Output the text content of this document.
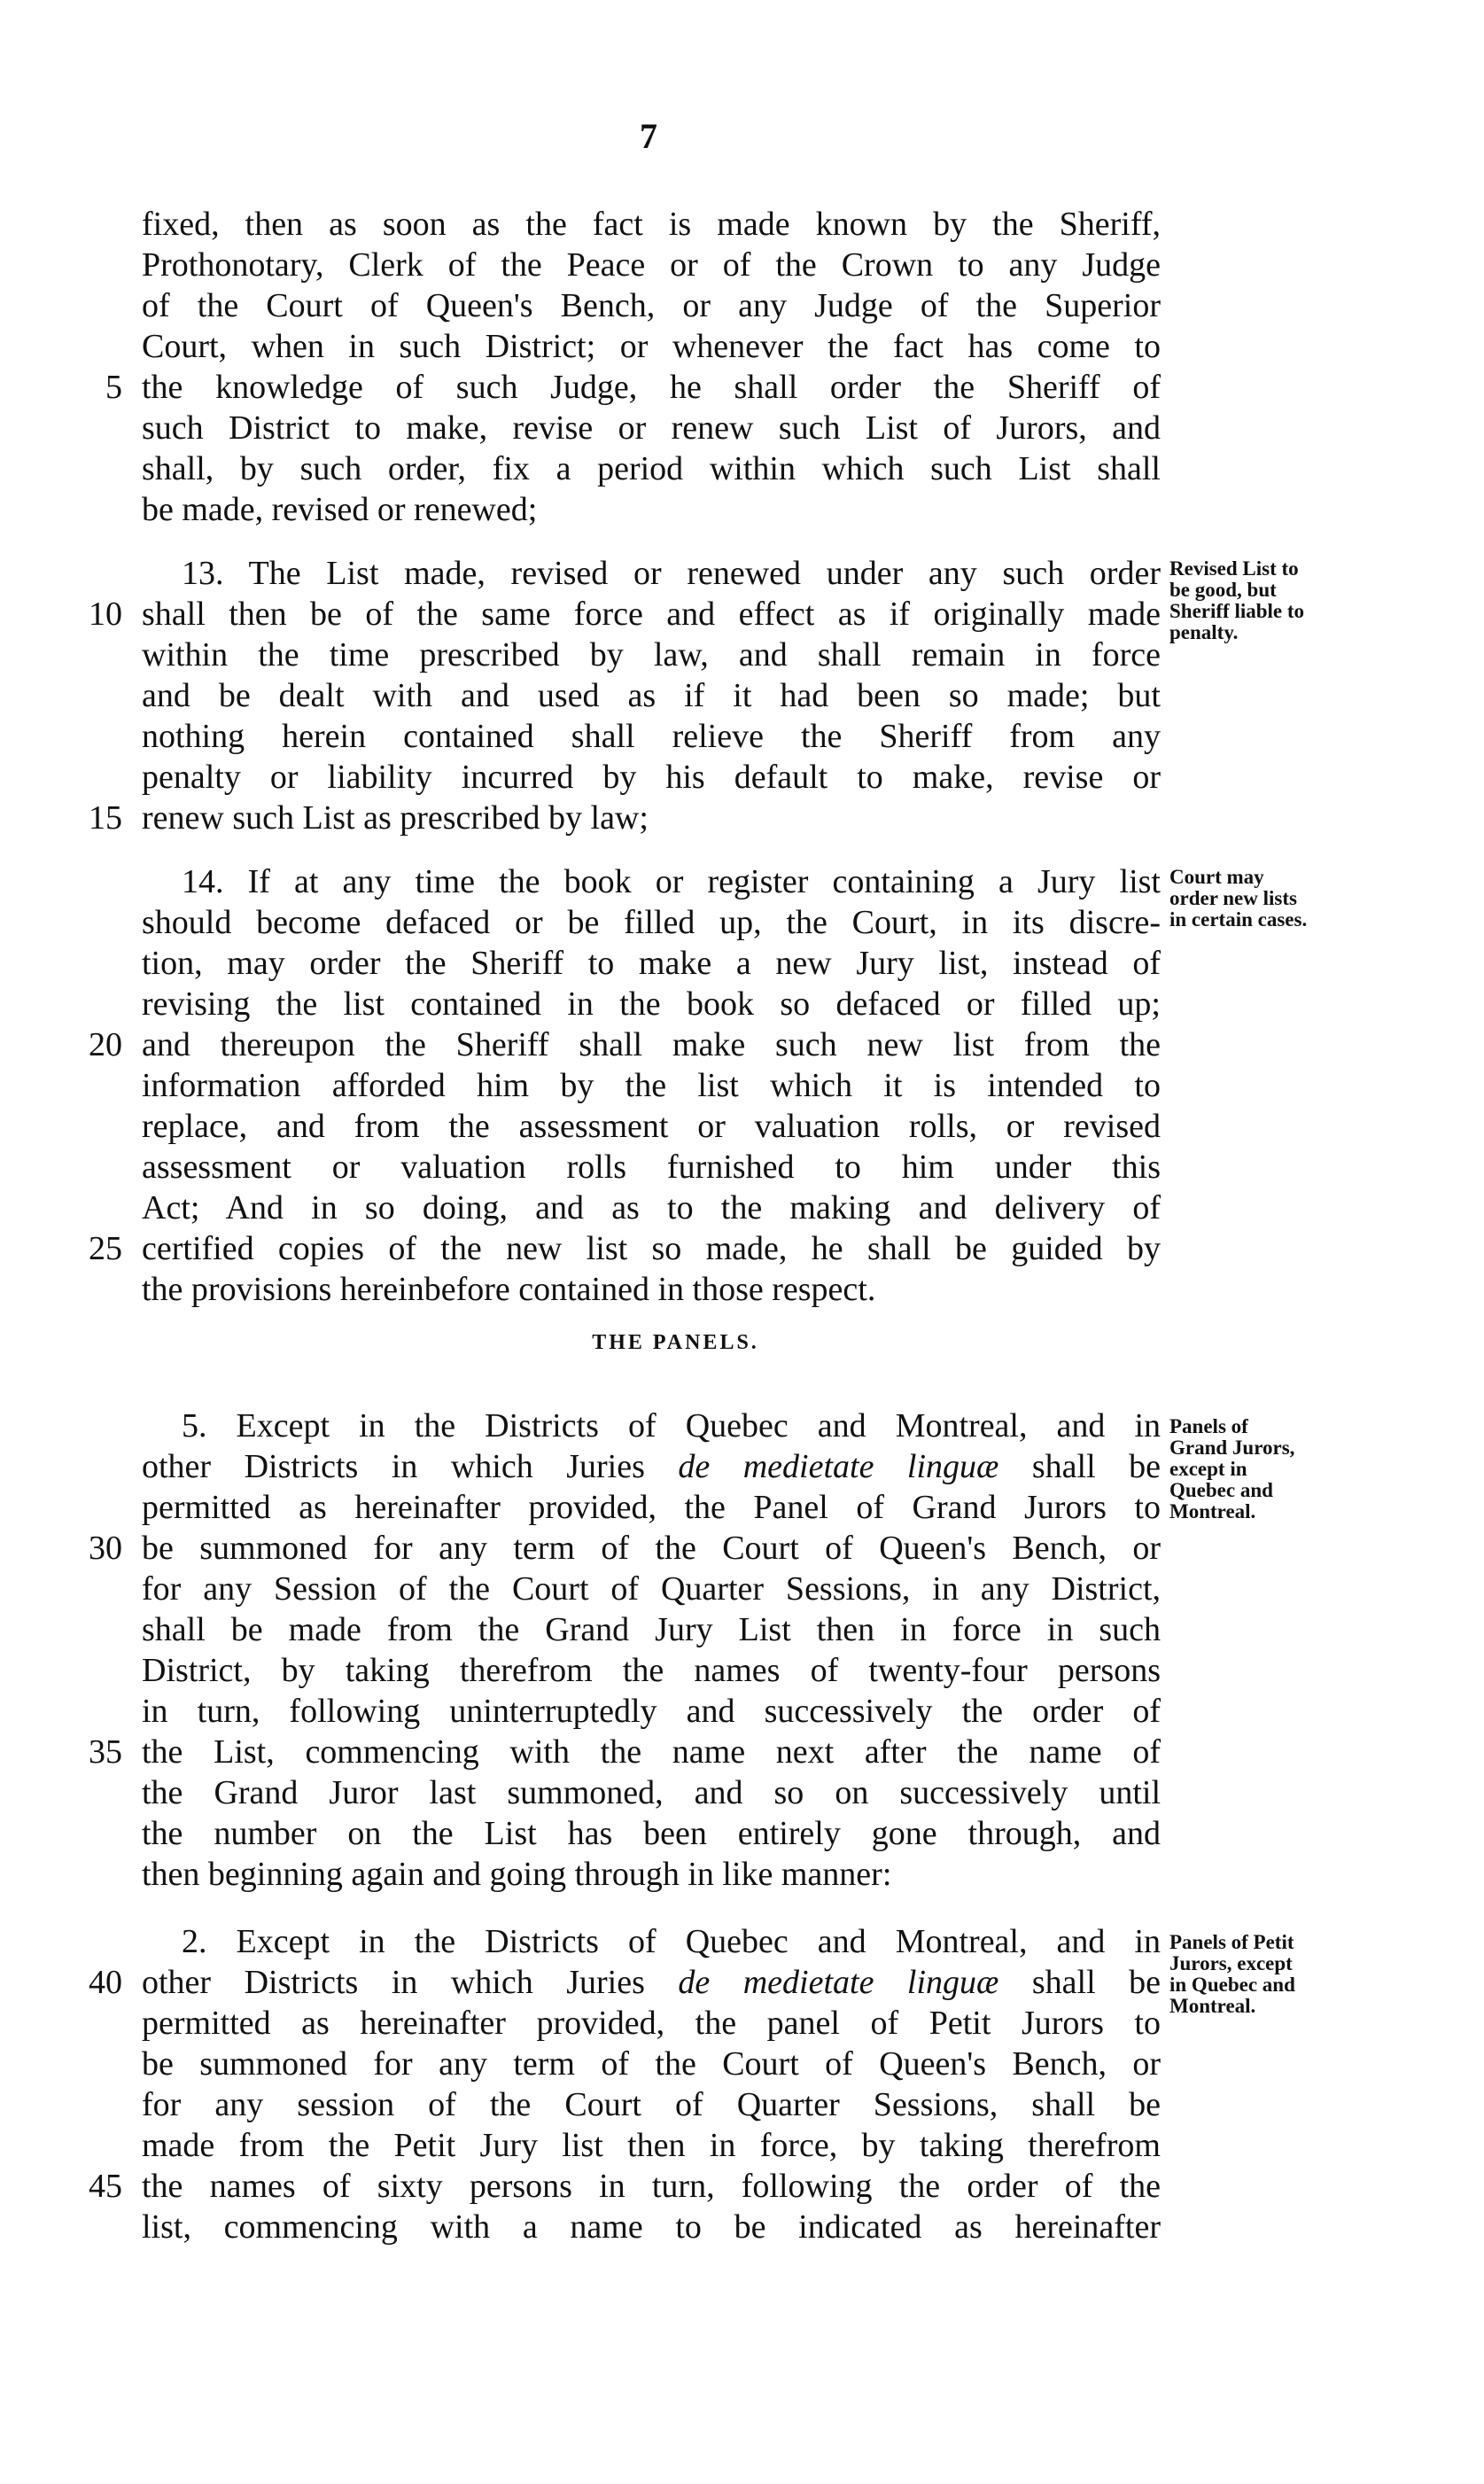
7
fixed, then as soon as the fact is made known by the Sheriff,
Prothonotary, Clerk of the Peace or of the Crown to any Judge
of the Court of Queen's Bench, or any Judge of the Superior
Court, when in such District; or whenever the fact has come to
the knowledge of such Judge, he shall order the Sheriff of
such District to make, revise or renew such List of Jurors, and
shall, by such order, fix a period within which such List shall
be made, revised or renewed;
13. The List made, revised or renewed under any such order
shall then be of the same force and effect as if originally made
within the time prescribed by law, and shall remain in force
and be dealt with and used as if it had been so made; but
nothing herein contained shall relieve the Sheriff from any
penalty or liability incurred by his default to make, revise or
renew such List as prescribed by law;
Revised List to
be good, but
Sheriff liable to
penalty.
14. If at any time the book or register containing a Jury list
should become defaced or be filled up, the Court, in its discre-
tion, may order the Sheriff to make a new Jury list, instead of
revising the list contained in the book so defaced or filled up;
and thereupon the Sheriff shall make such new list from the
information afforded him by the list which it is intended to
replace, and from the assessment or valuation rolls, or revised
assessment or valuation rolls furnished to him under this
Act; And in so doing, and as to the making and delivery of
certified copies of the new list so made, he shall be guided by
the provisions hereinbefore contained in those respect.
Court may
order new lists
in certain cases.
THE PANELS.
5. Except in the Districts of Quebec and Montreal, and in
other Districts in which Juries de medietate linguæ shall be
permitted as hereinafter provided, the Panel of Grand Jurors to
be summoned for any term of the Court of Queen's Bench, or
for any Session of the Court of Quarter Sessions, in any District,
shall be made from the Grand Jury List then in force in such
District, by taking therefrom the names of twenty-four persons
in turn, following uninterruptedly and successively the order of
the List, commencing with the name next after the name of
the Grand Juror last summoned, and so on successively until
the number on the List has been entirely gone through, and
then beginning again and going through in like manner:
Panels of
Grand Jurors,
except in
Quebec and
Montreal.
2. Except in the Districts of Quebec and Montreal, and in
other Districts in which Juries de medietate linguæ shall be
permitted as hereinafter provided, the panel of Petit Jurors to
be summoned for any term of the Court of Queen's Bench, or
for any session of the Court of Quarter Sessions, shall be
made from the Petit Jury list then in force, by taking therefrom
the names of sixty persons in turn, following the order of the
list, commencing with a name to be indicated as hereinafter
Panels of Petit
Jurors, except
in Quebec and
Montreal.
5
10
15
20
25
30
35
40
45
